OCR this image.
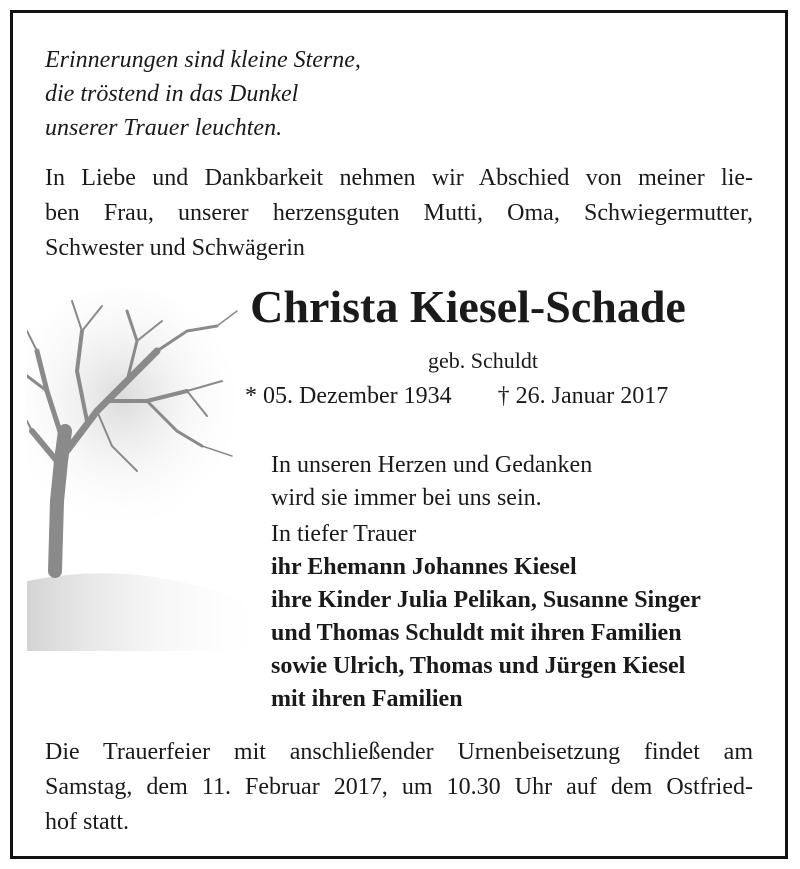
Erinnerungen sind kleine Sterne,
die tröstend in das Dunkel
unserer Trauer leuchten.
In Liebe und Dankbarkeit nehmen wir Abschied von meiner lie-
ben Frau, unserer herzensguten Mutti, Oma, Schwiegermutter,
Schwester und Schwägerin
Christa Kiesel-Schade
geb. Schuldt
* 05. Dezember 1934 † 26. Januar 2017
In unseren Herzen und Gedanken
wird sie immer bei uns sein.
In tiefer Trauer
ihr Ehemann Johannes Kiesel
ihre Kinder Julia Pelikan, Susanne Singer
und Thomas Schuldt mit ihren Familien
sowie Ulrich, Thomas und Jürgen Kiesel
mit ihren Familien
Die Trauerfeier mit anschließender Urnenbeisetzung findet am
Samstag, dem 11. Februar 2017, um 10.30 Uhr auf dem Ostfried-
hof statt.
